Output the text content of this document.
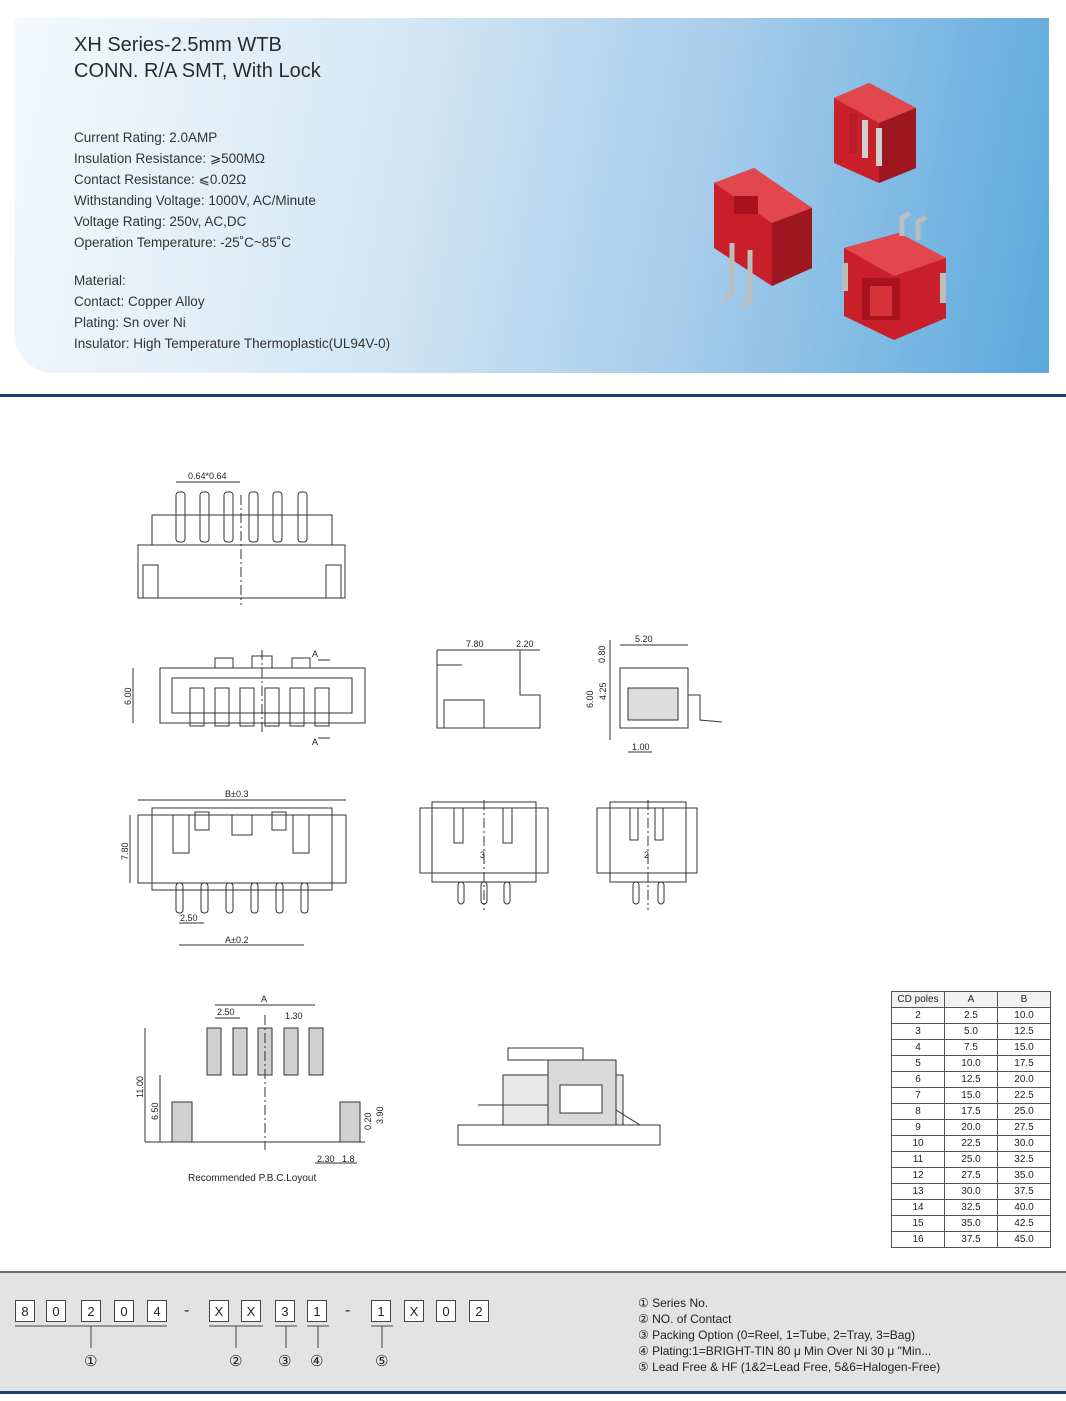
XH Series-2.5mm WTB
CONN. R/A SMT, With Lock
Current Rating: 2.0AMP
Insulation Resistance: ⩾500MΩ
Contact Resistance: ⩽0.02Ω
Withstanding Voltage: 1000V, AC/Minute
Voltage Rating: 250v, AC,DC
Operation Temperature: -25˚C~85˚C
Material:
Contact: Copper Alloy
Plating: Sn over Ni
Insulator: High Temperature Thermoplastic(UL94V-0)
0.64*0.64
6.00
A
A
7.80	2.20	5.20
0.80
4.25
6.00
1.00
B±0.3
7.80
2.50
A±0.2
3	2
A
2.50	1.30
11.00
6.50
0.20 3.90
2.30 1.8
Recommended P.B.C.Loyout
CD poles	A	B
2	2.5	10.0
3	5.0	12.5
4	7.5	15.0
5	10.0	17.5
6	12.5	20.0
7	15.0	22.5
8	17.5	25.0
9	20.0	27.5
10	22.5	30.0
11	25.0	32.5
12	27.5	35.0
13	30.0	37.5
14	32.5	40.0
15	35.0	42.5
16	37.5	45.0
8	0	2	0	4	-	X	X	3	1	-	1	X	0	2
①	② ③ ④	⑤
① Series No.
② NO. of Contact
③ Packing Option (0=Reel, 1=Tube, 2=Tray, 3=Bag)
④ Plating:1=BRIGHT-TIN 80 μ Min Over Ni 30 μ "Min...
⑤ Lead Free & HF (1&2=Lead Free, 5&6=Halogen-Free)
